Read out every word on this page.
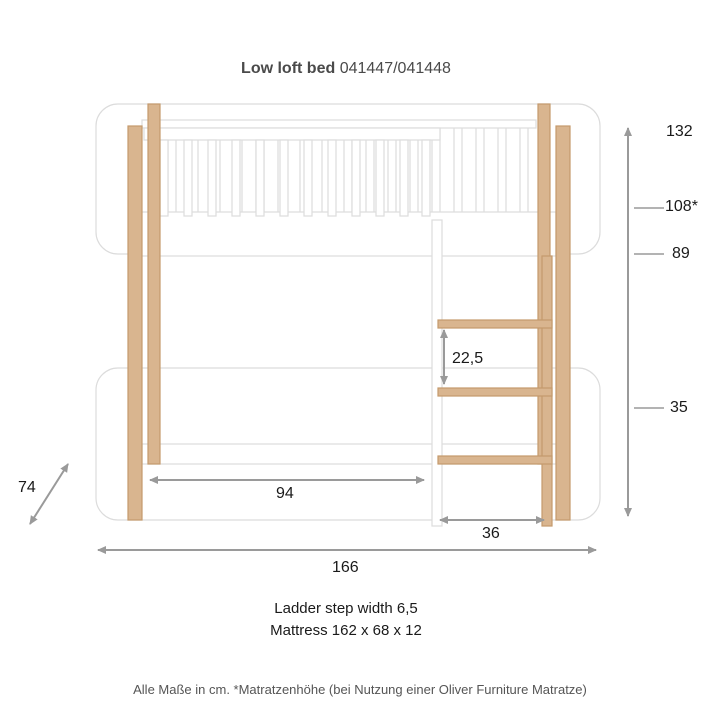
Low loft bed 041447/041448
132
108*
89
35
22,5
74	94
36
166
Ladder step width 6,5
Mattress 162 x 68 x 12
Alle Maße in cm. *Matratzenhöhe (bei Nutzung einer Oliver Furniture Matratze)
